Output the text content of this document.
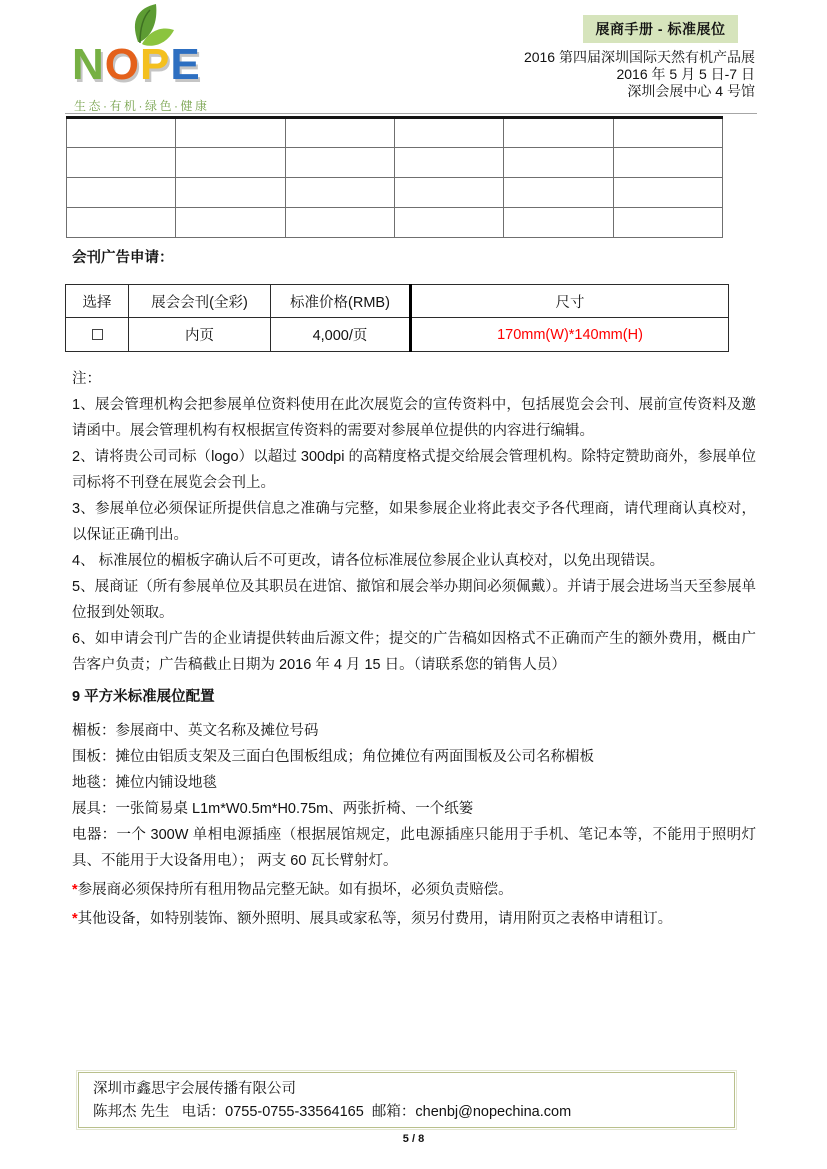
NOPE
生态·有机·绿色·健康
展商手册 - 标准展位
2016 第四届深圳国际天然有机产品展
2016 年 5 月 5 日-7 日
深圳会展中心 4 号馆

会刊广告申请：
选择	展会会刊(全彩)	标准价格(RMB)	尺寸
	内页	4,000/页	170mm(W)*140mm(H)

注：

1、展会管理机构会把参展单位资料使用在此次展览会的宣传资料中，包括展览会会刊、展前宣传资料及邀请函中。展会管理机构有权根据宣传资料的需要对参展单位提供的内容进行编辑。

2、请将贵公司司标（logo）以超过 300dpi 的高精度格式提交给展会管理机构。除特定赞助商外，参展单位司标将不刊登在展览会会刊上。

3、参展单位必须保证所提供信息之准确与完整，如果参展企业将此表交予各代理商，请代理商认真校对，以保证正确刊出。

4、 标准展位的楣板字确认后不可更改，请各位标准展位参展企业认真校对，以免出现错误。

5、展商证（所有参展单位及其职员在进馆、撤馆和展会举办期间必须佩戴）。并请于展会进场当天至参展单位报到处领取。

6、如申请会刊广告的企业请提供转曲后源文件；提交的广告稿如因格式不正确而产生的额外费用，概由广告客户负责；广告稿截止日期为 2016 年 4 月 15 日。（请联系您的销售人员）

9 平方米标准展位配置

楣板：参展商中、英文名称及摊位号码

围板：摊位由铝质支架及三面白色围板组成；角位摊位有两面围板及公司名称楣板

地毯：摊位内铺设地毯

展具：一张简易桌 L1m*W0.5m*H0.75m、两张折椅、一个纸篓

电器：一个 300W 单相电源插座（根据展馆规定，此电源插座只能用于手机、笔记本等，不能用于照明灯具、不能用于大设备用电）； 两支 60 瓦长臂射灯。

*参展商必须保持所有租用物品完整无缺。如有损坏，必须负责赔偿。

*其他设备，如特别装饰、额外照明、展具或家私等，须另付费用，请用附页之表格申请租订。

深圳市鑫思宇会展传播有限公司
陈邦杰 先生 电话：0755-0755-33564165 邮箱：chenbj@nopechina.com
5 / 8
